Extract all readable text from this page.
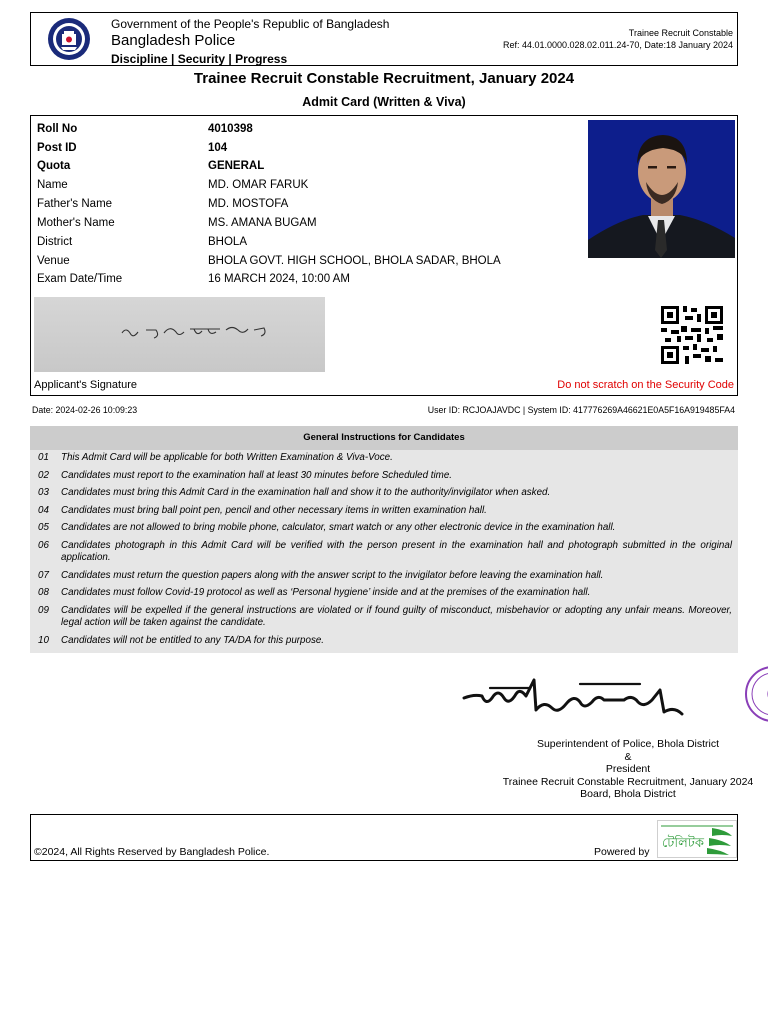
Government of the People's Republic of Bangladesh
Bangladesh Police
Discipline | Security | Progress
Trainee Recruit Constable
Ref: 44.01.0000.028.02.011.24-70, Date:18 January 2024
Trainee Recruit Constable Recruitment, January 2024
Admit Card (Written & Viva)
Roll No	4010398
Post ID	104
Quota	GENERAL
Name	MD. OMAR FARUK
Father's Name	MD. MOSTOFA
Mother's Name	MS. AMANA BUGAM
District	BHOLA
Venue	BHOLA GOVT. HIGH SCHOOL, BHOLA SADAR, BHOLA
Exam Date/Time	16 MARCH 2024, 10:00 AM
Applicant's Signature	Do not scratch on the Security Code
Date: 2024-02-26 10:09:23	User ID: RCJOAJAVDC | System ID: 417776269A46621E0A5F16A919485FA4
General Instructions for Candidates
01 This Admit Card will be applicable for both Written Examination & Viva-Voce.
02 Candidates must report to the examination hall at least 30 minutes before Scheduled time.
03 Candidates must bring this Admit Card in the examination hall and show it to the authority/invigilator when asked.
04 Candidates must bring ball point pen, pencil and other necessary items in written examination hall.
05 Candidates are not allowed to bring mobile phone, calculator, smart watch or any other electronic device in the examination hall.
06 Candidates photograph in this Admit Card will be verified with the person present in the examination hall and photograph submitted in the original application.
07 Candidates must return the question papers along with the answer script to the invigilator before leaving the examination hall.
08 Candidates must follow Covid-19 protocol as well as ‘Personal hygiene’ inside and at the premises of the examination hall.
09 Candidates will be expelled if the general instructions are violated or if found guilty of misconduct, misbehavior or adopting any unfair means. Moreover, legal action will be taken against the candidate.
10 Candidates will not be entitled to any TA/DA for this purpose.
Superintendent of Police, Bhola District
&
President
Trainee Recruit Constable Recruitment, January 2024
Board, Bhola District
©2024, All Rights Reserved by Bangladesh Police.	Powered by
টেলিটক
